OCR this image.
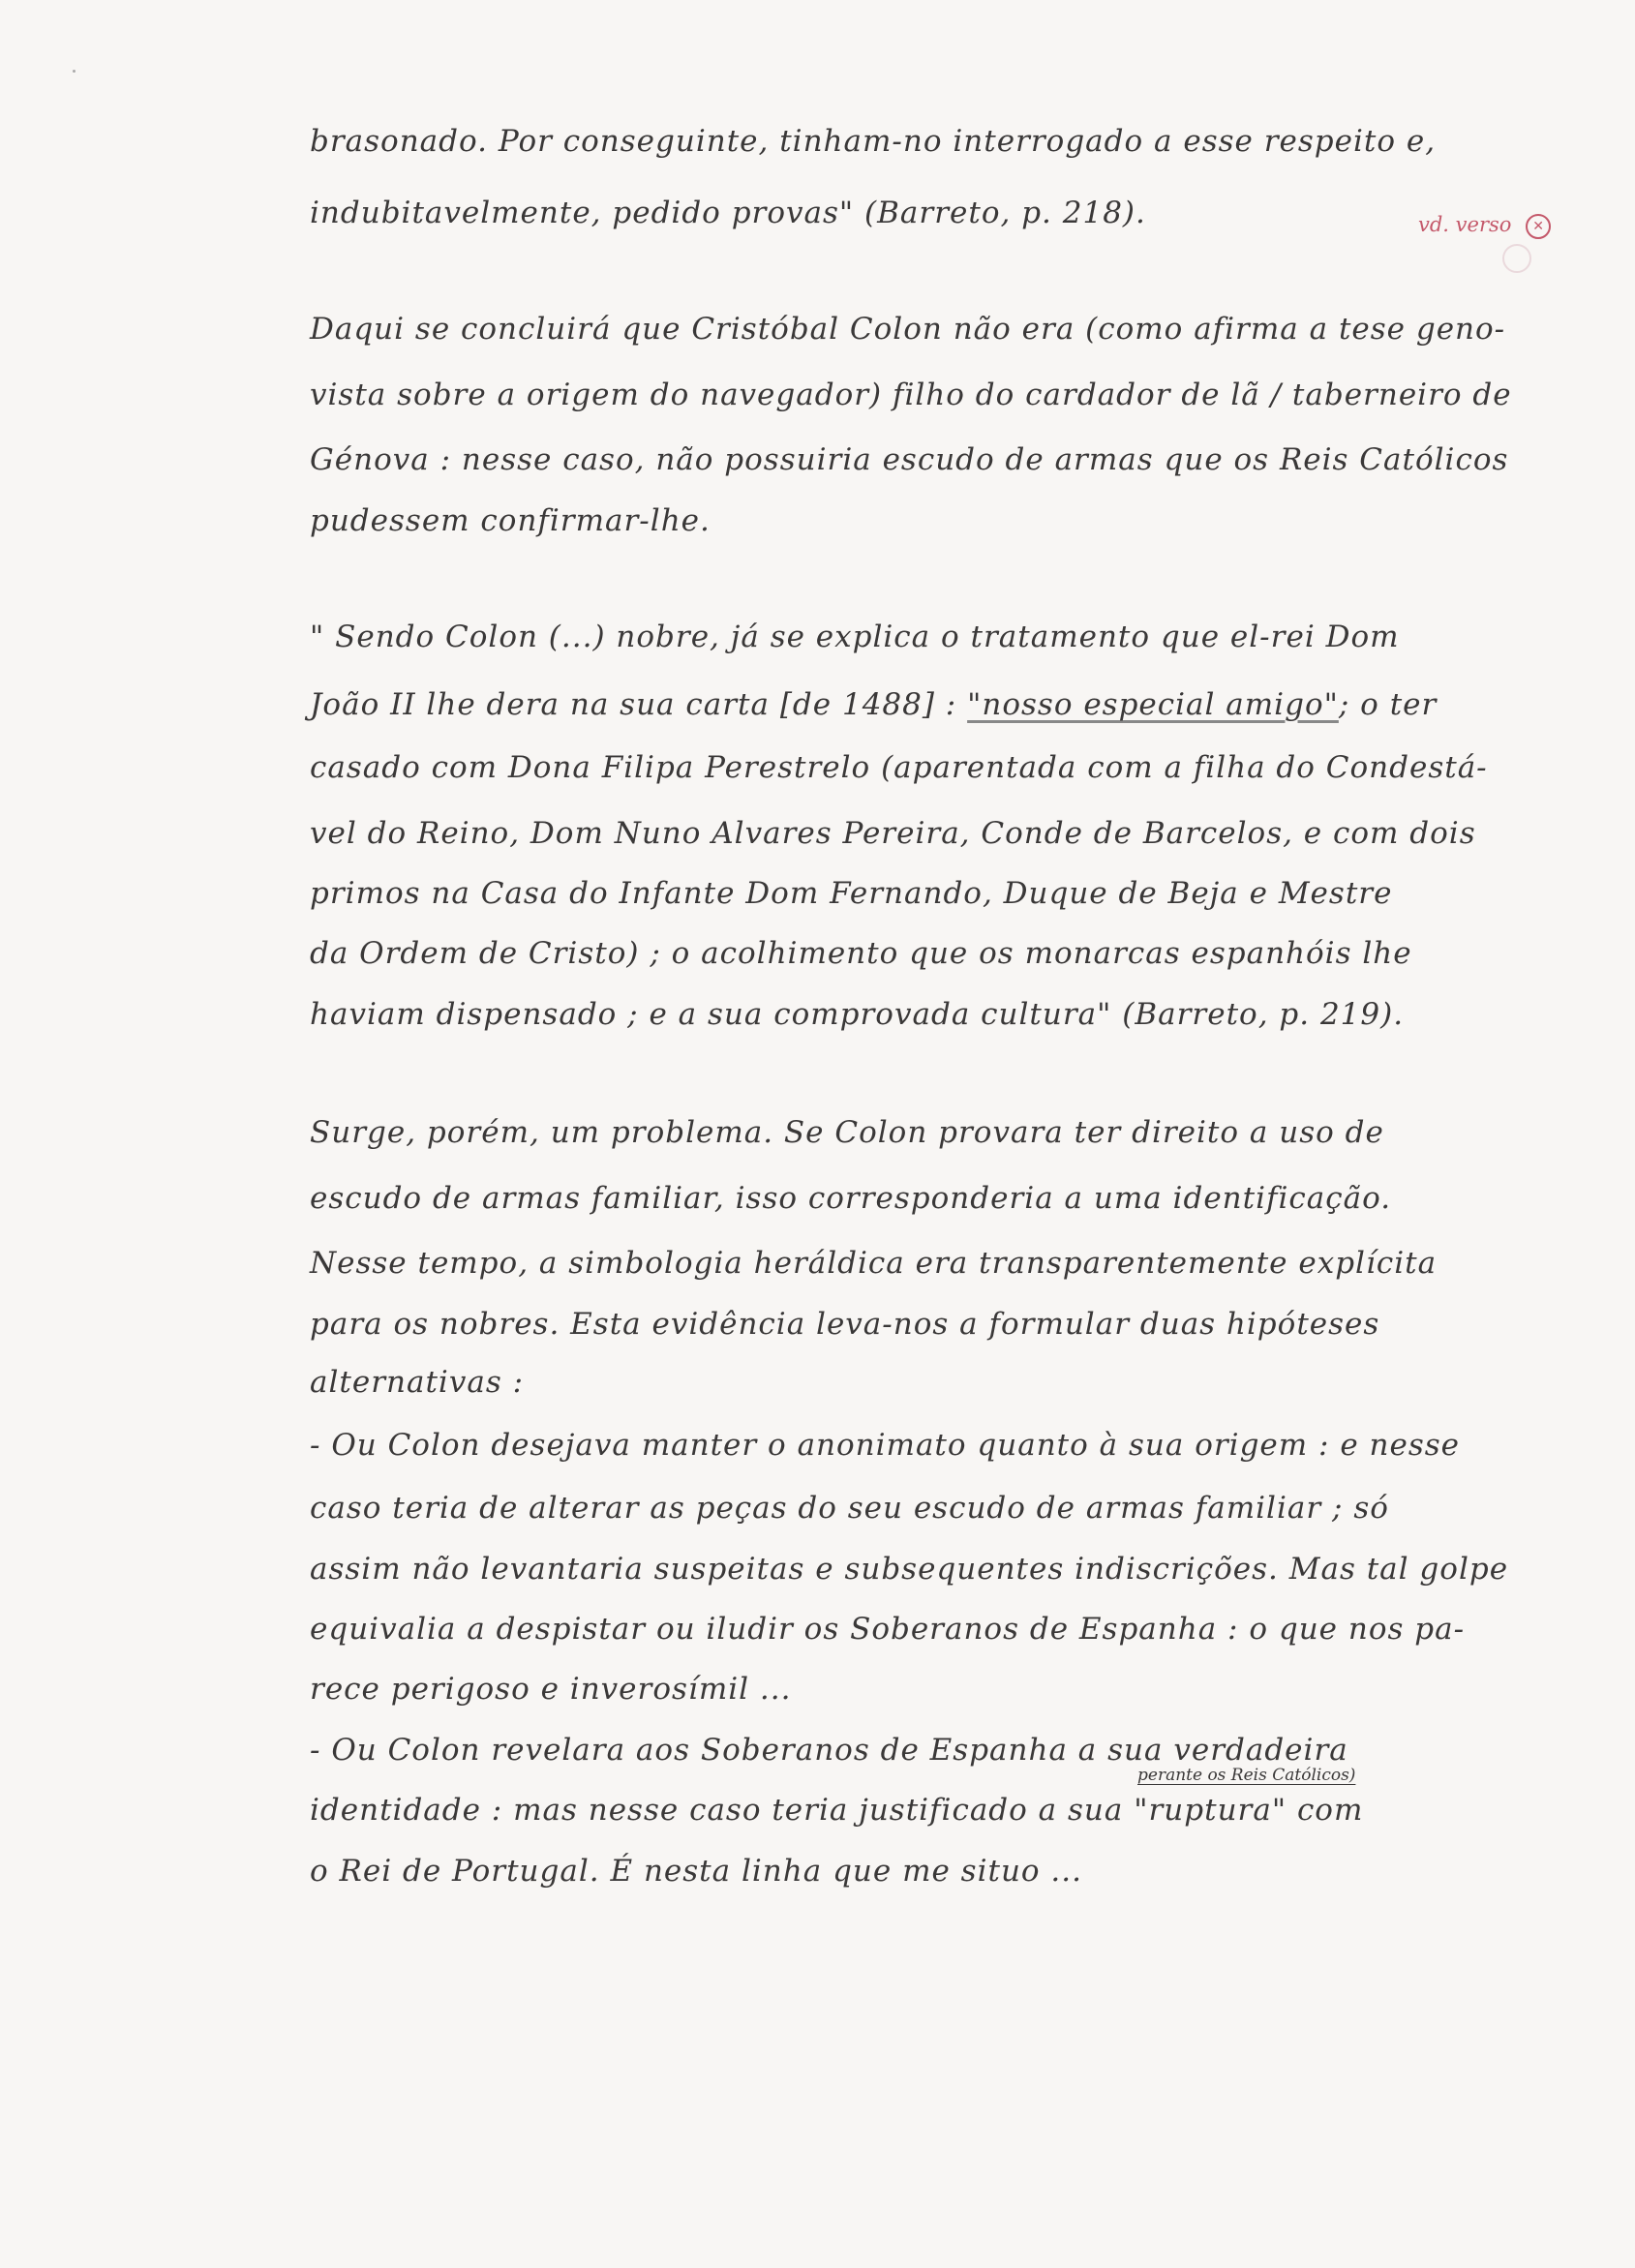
brasonado. Por conseguinte, tinham-no interrogado a esse respeito e,
indubitavelmente, pedido provas" (Barreto, p. 218).	vd. verso ✕
Daqui se concluirá que Cristóbal Colon não era (como afirma a tese geno-
vista sobre a origem do navegador) filho do cardador de lã / taberneiro de
Génova : nesse caso, não possuiria escudo de armas que os Reis Católicos
pudessem confirmar-lhe.
" Sendo Colon (...) nobre, já se explica o tratamento que el-rei Dom
João II lhe dera na sua carta [de 1488] : "nosso especial amigo"; o ter
casado com Dona Filipa Perestrelo (aparentada com a filha do Condestá-
vel do Reino, Dom Nuno Alvares Pereira, Conde de Barcelos, e com dois
primos na Casa do Infante Dom Fernando, Duque de Beja e Mestre
da Ordem de Cristo) ; o acolhimento que os monarcas espanhóis lhe
haviam dispensado ; e a sua comprovada cultura" (Barreto, p. 219).
Surge, porém, um problema. Se Colon provara ter direito a uso de
escudo de armas familiar, isso corresponderia a uma identificação.
Nesse tempo, a simbologia heráldica era transparentemente explícita
para os nobres. Esta evidência leva-nos a formular duas hipóteses
alternativas :
- Ou Colon desejava manter o anonimato quanto à sua origem : e nesse
caso teria de alterar as peças do seu escudo de armas familiar ; só
assim não levantaria suspeitas e subsequentes indiscrições. Mas tal golpe
equivalia a despistar ou iludir os Soberanos de Espanha : o que nos pa-
rece perigoso e inverosímil ...
- Ou Colon revelara aos Soberanos de Espanha a sua verdadeira
perante os Reis Católicos)
identidade : mas nesse caso teria justificado a sua "ruptura" com
o Rei de Portugal. É nesta linha que me situo ...
